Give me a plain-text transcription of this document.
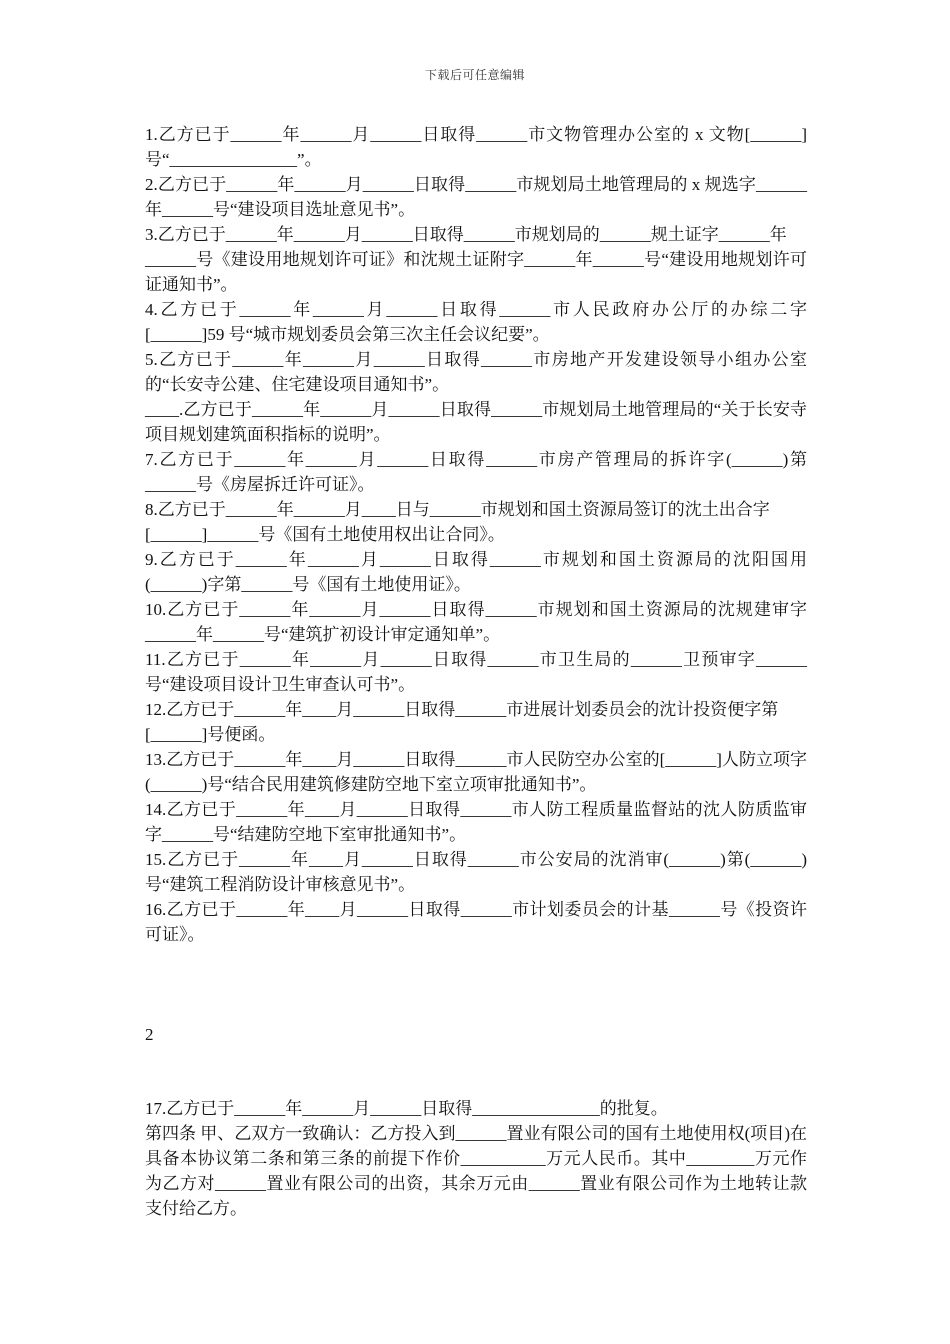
下载后可任意编辑

1.乙方已于______年______月______日取得______市文物管理办公室的 x 文物[______] 号“_______________”。

2.乙方已于______年______月______日取得______市规划局土地管理局的 x 规选字______年______号“建设项目选址意见书”。

3.乙方已于______年______月______日取得______市规划局的______规土证字______年

______号《建设用地规划许可证》和沈规土证附字______年______号“建设用地规划许可证通知书”。

4.乙方已于______年______月______日取得______市人民政府办公厅的办综二字[______]59 号“城市规划委员会第三次主任会议纪要”。

5.乙方已于______年______月______日取得______市房地产开发建设领导小组办公室的“长安寺公建、住宅建设项目通知书”。

____.乙方已于______年______月______日取得______市规划局土地管理局的“关于长安寺项目规划建筑面积指标的说明”。

7.乙方已于______年______月______日取得______市房产管理局的拆许字(______)第______号《房屋拆迁许可证》。

8.乙方已于______年______月____日与______市规划和国土资源局签订的沈土出合字

[______]______号《国有土地使用权出让合同》。

9.乙方已于______年______月______日取得______市规划和国土资源局的沈阳国用(______)字第______号《国有土地使用证》。

10.乙方已于______年______月______日取得______市规划和国土资源局的沈规建审字______年______号“建筑扩初设计审定通知单”。

11.乙方已于______年______月______日取得______市卫生局的______卫预审字______号“建设项目设计卫生审查认可书”。

12.乙方已于______年____月______日取得______市进展计划委员会的沈计投资便字第

[______]号便函。

13.乙方已于______年____月______日取得______市人民防空办公室的[______]人防立项字(______)号“结合民用建筑修建防空地下室立项审批通知书”。

14.乙方已于______年____月______日取得______市人防工程质量监督站的沈人防质监审字______号“结建防空地下室审批通知书”。

15.乙方已于______年____月______日取得______市公安局的沈消审(______)第(______)号“建筑工程消防设计审核意见书”。

16.乙方已于______年____月______日取得______市计划委员会的计基______号《投资许可证》。

2

17.乙方已于______年______月______日取得_______________的批复。

第四条 甲、乙双方一致确认：乙方投入到______置业有限公司的国有土地使用权(项目)在具备本协议第二条和第三条的前提下作价__________万元人民币。其中________万元作为乙方对______置业有限公司的出资，其余万元由______置业有限公司作为土地转让款支付给乙方。
